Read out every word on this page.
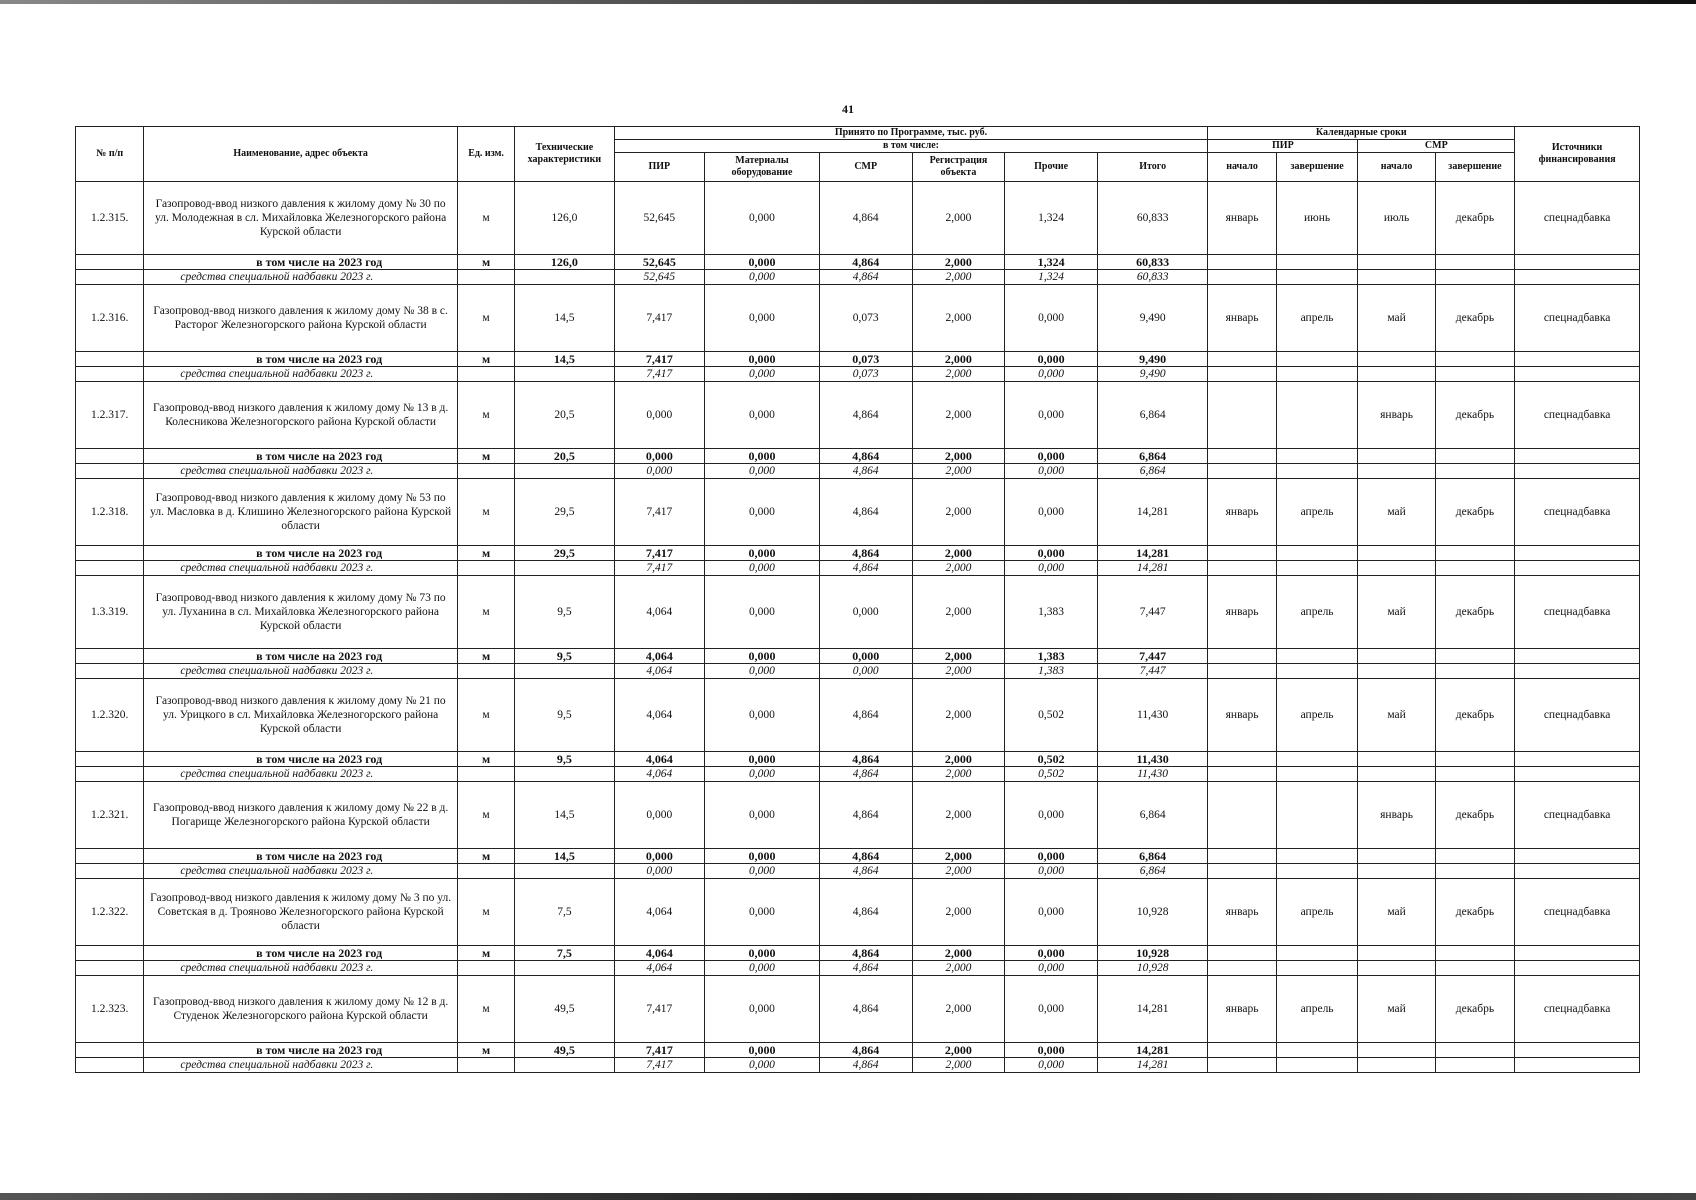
41
№ п/п	Наименование, адрес объекта	Ед. изм.	Технические характеристики	Принято по Программе, тыс. руб.						Календарные сроки				Источники финансирования
				в том числе:						ПИР		СМР		
				ПИР	Материалы оборудование	СМР	Регистрация объекта	Прочие	Итого					
										начало	завершение	начало	завершение	
1.2.315.	Газопровод-ввод низкого давления к жилому дому № 30 по ул. Молодежная в сл. Михайловка Железногорского района Курской области	м	126,0	52,645	0,000	4,864	2,000	1,324	60,833	январь	июнь	июль	декабрь	спецнадбавка
	в том числе на 2023 год	м	126,0	52,645	0,000	4,864	2,000	1,324	60,833					
	средства специальной надбавки 2023 г.			52,645	0,000	4,864	2,000	1,324	60,833					
1.2.316.	Газопровод-ввод низкого давления к жилому дому № 38 в с. Расторог Железногорского района Курской области	м	14,5	7,417	0,000	0,073	2,000	0,000	9,490	январь	апрель	май	декабрь	спецнадбавка
	в том числе на 2023 год	м	14,5	7,417	0,000	0,073	2,000	0,000	9,490					
	средства специальной надбавки 2023 г.			7,417	0,000	0,073	2,000	0,000	9,490					
1.2.317.	Газопровод-ввод низкого давления к жилому дому № 13 в д. Колесникова Железногорского района Курской области	м	20,5	0,000	0,000	4,864	2,000	0,000	6,864			январь	декабрь	спецнадбавка
	в том числе на 2023 год	м	20,5	0,000	0,000	4,864	2,000	0,000	6,864					
	средства специальной надбавки 2023 г.			0,000	0,000	4,864	2,000	0,000	6,864					
1.2.318.	Газопровод-ввод низкого давления к жилому дому № 53 по ул. Масловка в д. Клишино Железногорского района Курской области	м	29,5	7,417	0,000	4,864	2,000	0,000	14,281	январь	апрель	май	декабрь	спецнадбавка
	в том числе на 2023 год	м	29,5	7,417	0,000	4,864	2,000	0,000	14,281					
	средства специальной надбавки 2023 г.			7,417	0,000	4,864	2,000	0,000	14,281					
1.3.319.	Газопровод-ввод низкого давления к жилому дому № 73 по ул. Луханина в сл. Михайловка Железногорского района Курской области	м	9,5	4,064	0,000	0,000	2,000	1,383	7,447	январь	апрель	май	декабрь	спецнадбавка
	в том числе на 2023 год	м	9,5	4,064	0,000	0,000	2,000	1,383	7,447					
	средства специальной надбавки 2023 г.			4,064	0,000	0,000	2,000	1,383	7,447					
1.2.320.	Газопровод-ввод низкого давления к жилому дому № 21 по ул. Урицкого в сл. Михайловка Железногорского района Курской области	м	9,5	4,064	0,000	4,864	2,000	0,502	11,430	январь	апрель	май	декабрь	спецнадбавка
	в том числе на 2023 год	м	9,5	4,064	0,000	4,864	2,000	0,502	11,430					
	средства специальной надбавки 2023 г.			4,064	0,000	4,864	2,000	0,502	11,430					
1.2.321.	Газопровод-ввод низкого давления к жилому дому № 22 в д. Погарище Железногорского района Курской области	м	14,5	0,000	0,000	4,864	2,000	0,000	6,864			январь	декабрь	спецнадбавка
	в том числе на 2023 год	м	14,5	0,000	0,000	4,864	2,000	0,000	6,864					
	средства специальной надбавки 2023 г.			0,000	0,000	4,864	2,000	0,000	6,864					
1.2.322.	Газопровод-ввод низкого давления к жилому дому № 3 по ул. Советская в д. Трояново Железногорского района Курской области	м	7,5	4,064	0,000	4,864	2,000	0,000	10,928	январь	апрель	май	декабрь	спецнадбавка
	в том числе на 2023 год	м	7,5	4,064	0,000	4,864	2,000	0,000	10,928					
	средства специальной надбавки 2023 г.			4,064	0,000	4,864	2,000	0,000	10,928					
1.2.323.	Газопровод-ввод низкого давления к жилому дому № 12 в д. Студенок Железногорского района Курской области	м	49,5	7,417	0,000	4,864	2,000	0,000	14,281	январь	апрель	май	декабрь	спецнадбавка
	в том числе на 2023 год	м	49,5	7,417	0,000	4,864	2,000	0,000	14,281					
	средства специальной надбавки 2023 г.			7,417	0,000	4,864	2,000	0,000	14,281					
